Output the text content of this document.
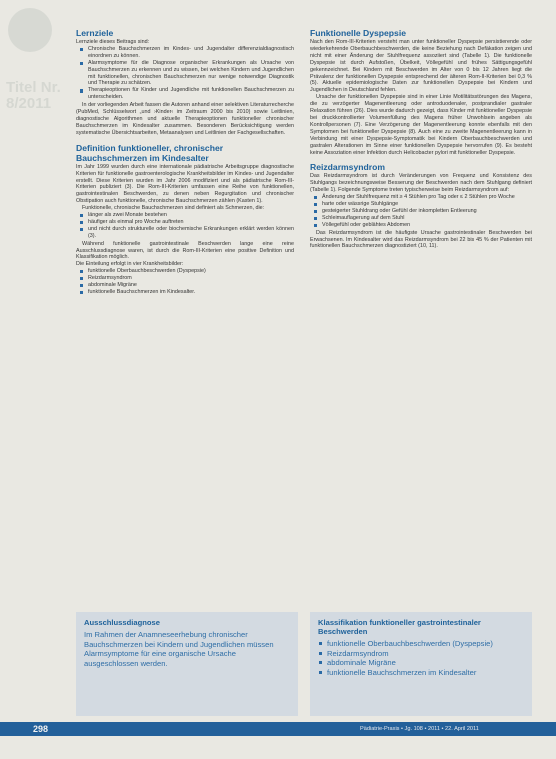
Titel Nr. 8/2011
Lernziele

Lernziele dieses Beitrags sind:

Chronische Bauchschmerzen im Kindes- und Jugendalter differenzialdiagnostisch einordnen zu können.
Alarmsymptome für die Diagnose organischer Erkrankungen als Ursache von Bauchschmerzen zu erkennen und zu wissen, bei welchen Kindern und Jugendlichen mit funktionellen, chronischen Bauchschmerzen nur wenige notwendige Diagnostik und Therapie zu schätzen.
Therapieoptionen für Kinder und Jugendliche mit funktionellen Bauchschmerzen zu unterscheiden.

In der vorliegenden Arbeit fassen die Autoren anhand einer selektiven Literaturrecherche (PubMed, Schlüsselwort „und ›Kinder‹ im Zeitraum 2000 bis 2010) sowie Leitlinien, diagnostische Algorithmen und aktuelle Therapieoptionen funktioneller chronischer Bauchschmerzen im Kindesalter zusammen. Besonderen Berücksichtigung werden systematische Übersichtsarbeiten, Metaanalysen und Leitlinien der Fachgesellschaften.

Definition funktioneller, chronischer Bauchschmerzen im Kindesalter

Im Jahr 1999 wurden durch eine internationale pädiatrische Arbeitsgruppe diagnostische Kriterien für funktionelle gastroenterologische Krankheitsbilder im Kindes- und Jugendalter erstellt. Diese Kriterien wurden im Jahr 2006 modifiziert und als pädiatrische Rom-III-Kriterien publiziert (3). Die Rom-III-Kriterien umfassen eine Reihe von funktionellen, gastrointestinalen Beschwerden, zu denen neben Regurgitation und chronischer Obstipation auch funktionelle, chronische Bauchschmerzen zählen (Kasten 1).

Funktionelle, chronische Bauchschmerzen sind definiert als Schmerzen, die:

länger als zwei Monate bestehen
häufiger als einmal pro Woche auftreten
und nicht durch strukturelle oder biochemische Erkrankungen erklärt werden können (3).

Während funktionelle gastrointestinale Beschwerden lange eine reine Ausschlussdiagnose waren, ist durch die Rom-III-Kriterien eine positive Definition und Klassifikation möglich.

Die Einteilung erfolgt in vier Krankheitsbilder:

funktionelle Oberbauchbeschwerden (Dyspepsie)
Reizdarmsyndrom
abdominale Migräne
funktionelle Bauchschmerzen im Kindesalter.
Funktionelle Dyspepsie

Nach den Rom-III-Kriterien versteht man unter funktioneller Dyspepsie persistierende oder wiederkehrende Oberbauchbeschwerden, die keine Beziehung nach Defäkation zeigen und nicht mit einer Änderung der Stuhlfrequenz assoziiert sind (Tabelle 1). Die funktionelle Dyspepsie ist durch Aufstoßen, Übelkeit, Völlegefühl und frühes Sättigungsgefühl gekennzeichnet. Bei Kindern mit Beschwerden im Alter von 0 bis 12 Jahren liegt die Prävalenz der funktionellen Dyspepsie entsprechend der älteren Rom-II-Kriterien bei 0,3 % (5). Aktuelle epidemiologische Daten zur funktionellen Dyspepsie bei Kindern und Jugendlichen in Deutschland fehlen.

Ursache der funktionellen Dyspepsie sind in einer Linie Motilitätsstörungen des Magens, die zu verzögerter Magenentleerung oder antroduodenaler, postprandialer gastraler Relaxation führen (26). Dies wurde dadurch gezeigt, dass Kinder mit funktioneller Dyspepsie bei druckkontrollierter Volumenfüllung des Magens früher Unwohlsein angeben als Kontrollpersonen (7). Eine Verzögerung der Magenentleerung konnte ebenfalls mit den Symptomen bei funktioneller Dyspepsie (8). Auch eine zu zweite Magenentleerung kann in Verbindung mit einer Dyspepsie-Symptomatik bei Kindern Oberbauchbeschwerden und gastralen Alterationen im Sinne einer funktionellen Dyspepsie hervorrufen (9). Es besteht keine Assoziation einer Infektion durch Helicobacter pylori mit funktioneller Dyspepsie.

Reizdarmsyndrom

Das Reizdarmsyndrom ist durch Veränderungen von Frequenz und Konsistenz des Stuhlgangs bezeichnungsweise Besserung der Beschwerden nach dem Stuhlgang definiert (Tabelle 1). Folgende Symptome treten typischerweise beim Reizdarmsyndrom auf:

Änderung der Stuhlfrequenz mit ≥ 4 Stühlen pro Tag oder ≤ 2 Stühlen pro Woche
harte oder wässrige Stuhlgänge
gesteigerter Stuhldrang oder Gefühl der inkompletten Entleerung
Schleimauflagerung auf dem Stuhl
Völlegefühl oder geblähtes Abdomen

Das Reizdarmsyndrom ist die häufigste Ursache gastrointestinaler Beschwerden bei Erwachsenen. Im Kindesalter wird das Reizdarmsyndrom bei 22 bis 45 % der Patienten mit funktionellen Bauchschmerzen diagnostiziert (10, 11).

Ausschlussdiagnose

Im Rahmen der Anamneseerhebung chronischer Bauchschmerzen bei Kindern und Jugendlichen müssen Alarmsymptome für eine organische Ursache ausgeschlossen werden.

Klassifikation funktioneller gastrointestinaler Beschwerden
funktionelle Oberbauchbeschwerden (Dyspepsie)
Reizdarmsyndrom
abdominale Migräne
funktionelle Bauchschmerzen im Kindesalter
298	Pädiatrie-Praxis • Jg. 108 • 2011 • 22. April 2011
